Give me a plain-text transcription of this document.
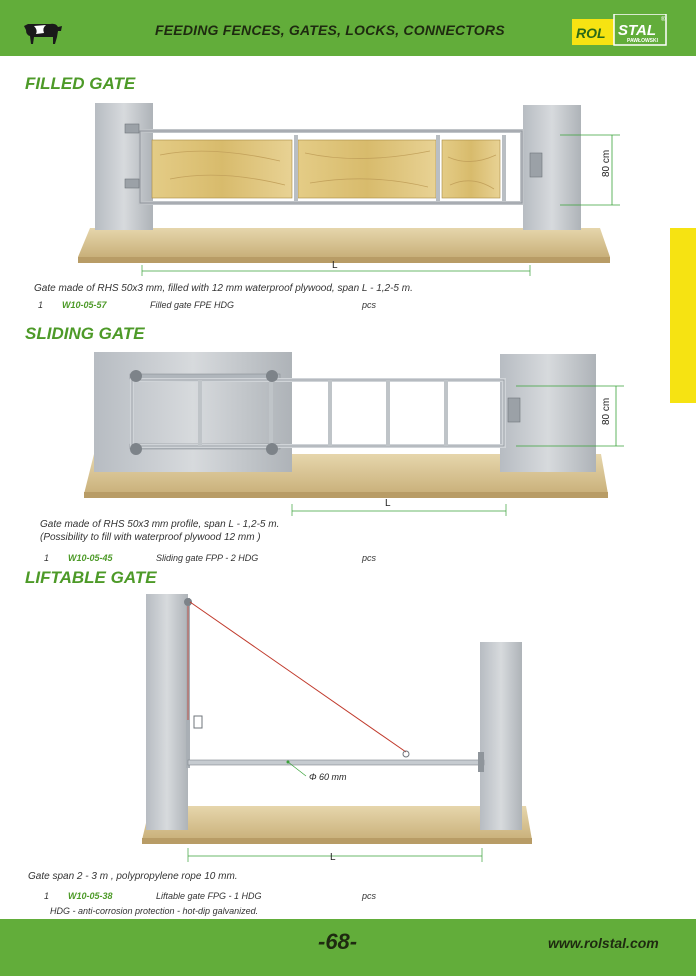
FEEDING FENCES, GATES, LOCKS, CONNECTORS	ROL STAL
PAWŁOWSKI
®
FILLED GATE
80 cm
L
Gate made of RHS 50x3 mm, filled with 12 mm waterproof plywood, span L - 1,2-5 m.
1 W10-05-57	Filled gate FPE HDG	pcs
SLIDING GATE
80 cm
L
Gate made of RHS 50x3 mm profile, span L - 1,2-5 m.
(Possibility to fill with waterproof plywood 12 mm )
1 W10-05-45	Sliding gate FPP - 2 HDG	pcs
LIFTABLE GATE
Φ 60 mm
L
Gate span 2 - 3 m , polypropylene rope 10 mm.
1 W10-05-38	Liftable gate FPG - 1 HDG	pcs
HDG - anti-corrosion protection - hot-dip galvanized.
-68-	www.rolstal.com
